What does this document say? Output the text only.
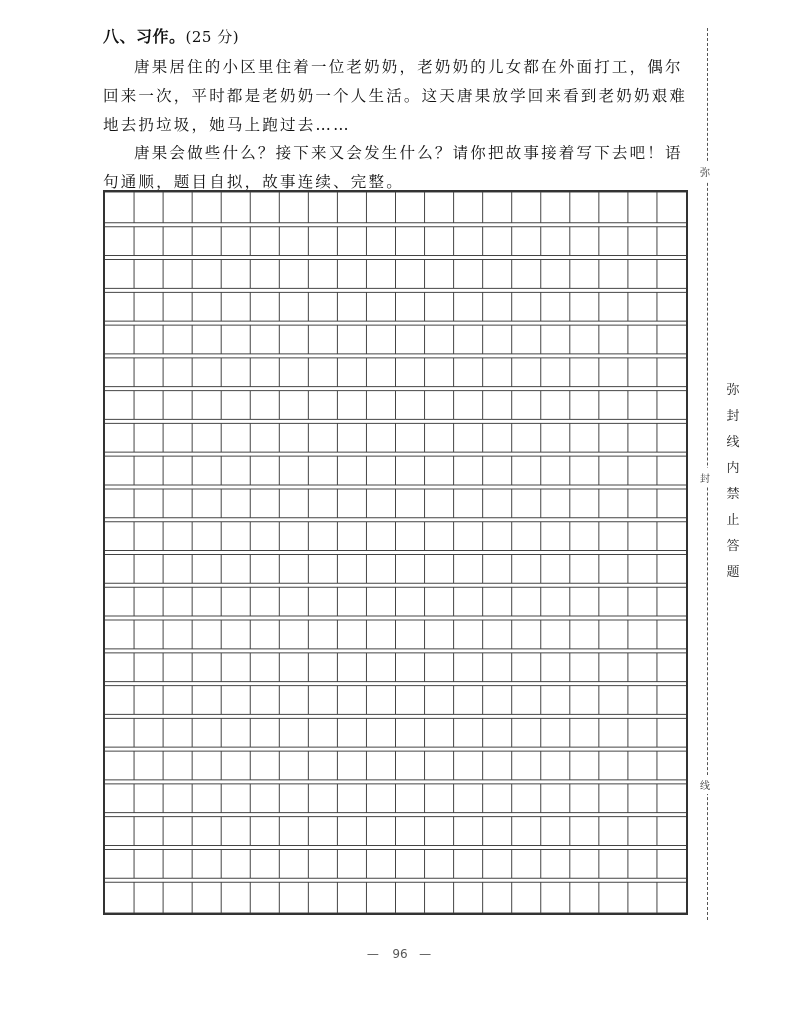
八、习作。(25 分)

唐果居住的小区里住着一位老奶奶，老奶奶的儿女都在外面打工，偶尔回来一次，平时都是老奶奶一个人生活。这天唐果放学回来看到老奶奶艰难地去扔垃圾，她马上跑过去……

唐果会做些什么？接下来又会发生什么？请你把故事接着写下去吧！语句通顺，题目自拟，故事连续、完整。	弥
封
线
弥封线内禁止答题
— 96 —
